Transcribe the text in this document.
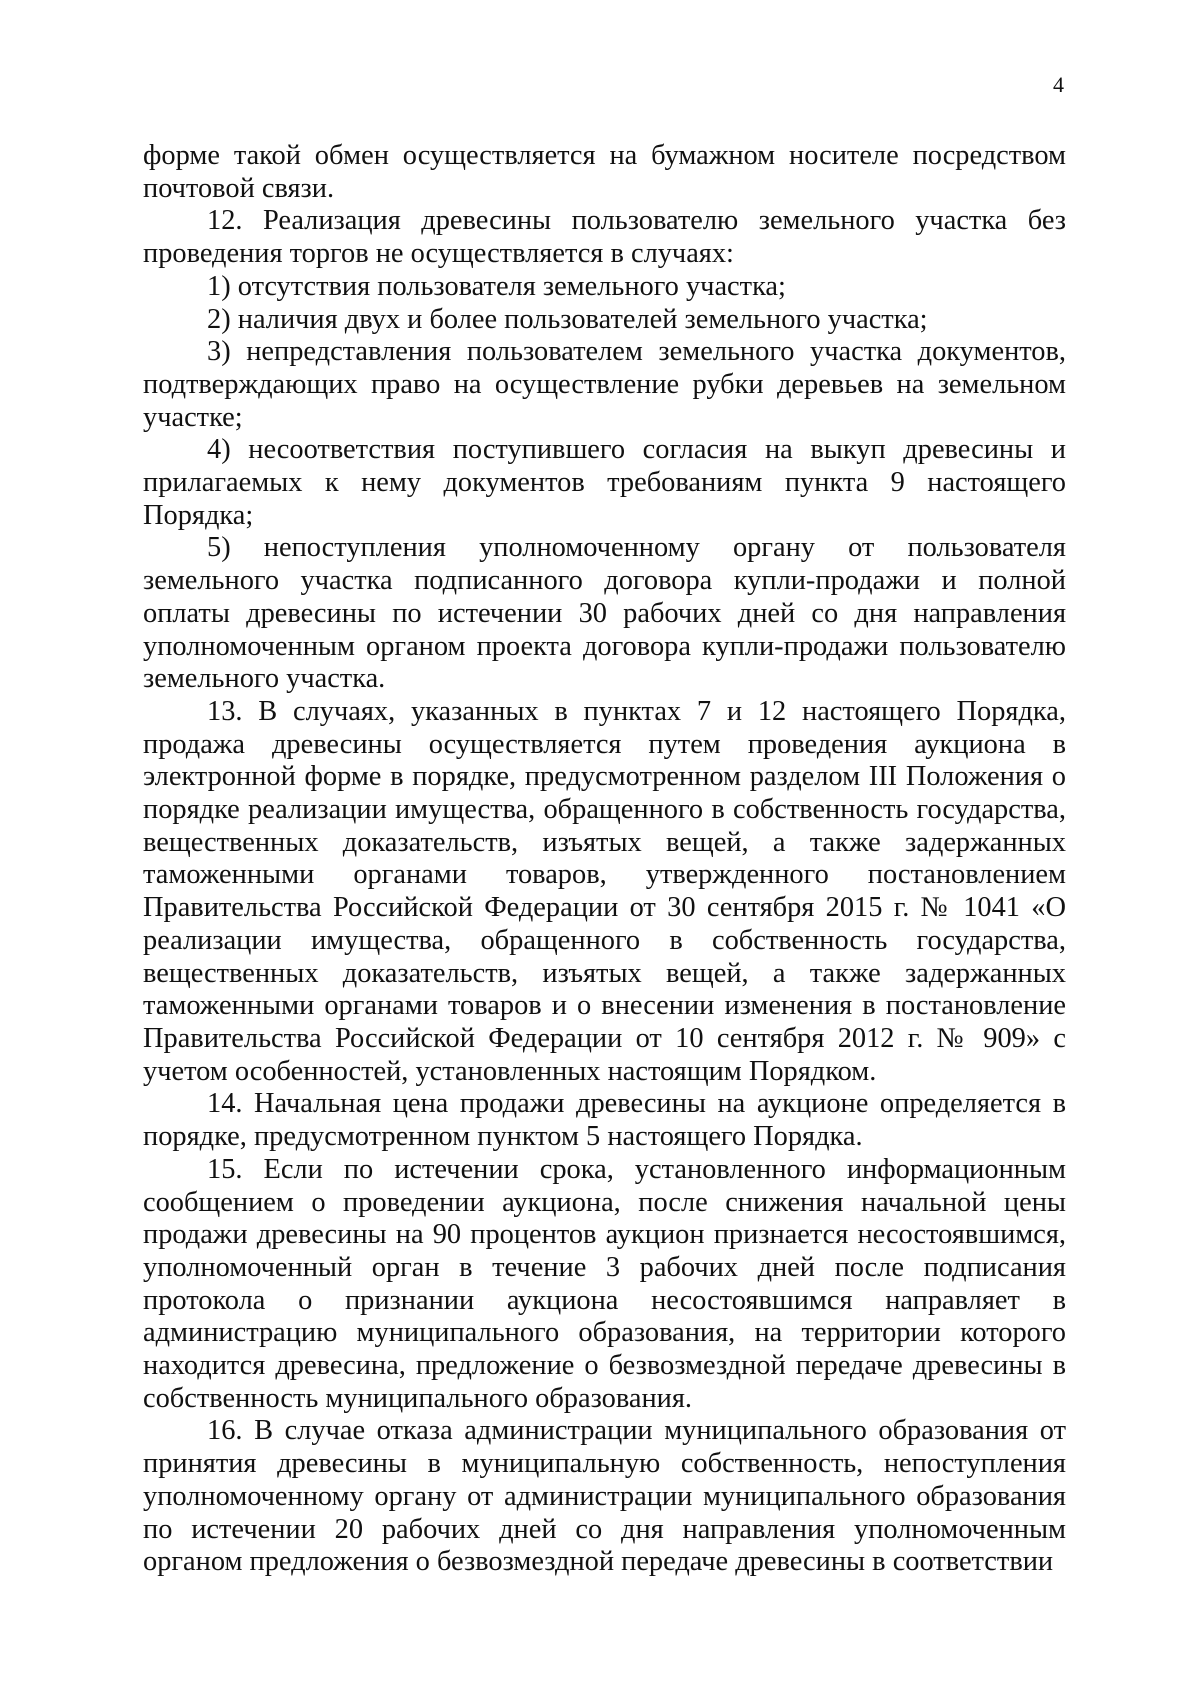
4

форме такой обмен осуществляется на бумажном носителе посредством почтовой связи.

12. Реализация древесины пользователю земельного участка без проведения торгов не осуществляется в случаях:

1) отсутствия пользователя земельного участка;

2) наличия двух и более пользователей земельного участка;

3) непредставления пользователем земельного участка документов, подтверждающих право на осуществление рубки деревьев на земельном участке;

4) несоответствия поступившего согласия на выкуп древесины и прилагаемых к нему документов требованиям пункта 9 настоящего Порядка;

5) непоступления уполномоченному органу от пользователя земельного участка подписанного договора купли-продажи и полной оплаты древесины по истечении 30 рабочих дней со дня направления уполномоченным органом проекта договора купли-продажи пользователю земельного участка.

13. В случаях, указанных в пунктах 7 и 12 настоящего Порядка, продажа древесины осуществляется путем проведения аукциона в электронной форме в порядке, предусмотренном разделом III Положения о порядке реализации имущества, обращенного в собственность государства, вещественных доказательств, изъятых вещей, а также задержанных таможенными органами товаров, утвержденного постановлением Правительства Российской Федерации от 30 сентября 2015 г. № 1041 «О реализации имущества, обращенного в собственность государства, вещественных доказательств, изъятых вещей, а также задержанных таможенными органами товаров и о внесении изменения в постановление Правительства Российской Федерации от 10 сентября 2012 г. № 909» с учетом особенностей, установленных настоящим Порядком.

14. Начальная цена продажи древесины на аукционе определяется в порядке, предусмотренном пунктом 5 настоящего Порядка.

15. Если по истечении срока, установленного информационным сообщением о проведении аукциона, после снижения начальной цены продажи древесины на 90 процентов аукцион признается несостоявшимся, уполномоченный орган в течение 3 рабочих дней после подписания протокола о признании аукциона несостоявшимся направляет в администрацию муниципального образования, на территории которого находится древесина, предложение о безвозмездной передаче древесины в собственность муниципального образования.

16. В случае отказа администрации муниципального образования от принятия древесины в муниципальную собственность, непоступления уполномоченному органу от администрации муниципального образования по истечении 20 рабочих дней со дня направления уполномоченным органом предложения о безвозмездной передаче древесины в соответствии
